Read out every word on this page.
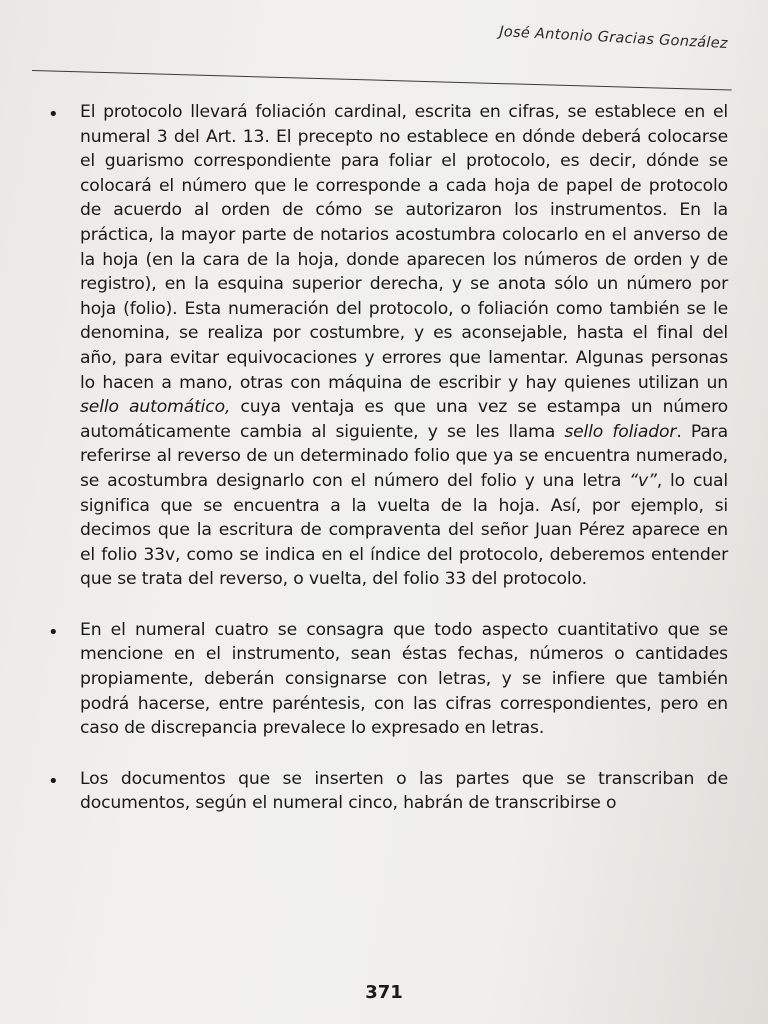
José Antonio Gracias González
•	El protocolo llevará foliación cardinal, escrita en cifras, se establece en el numeral 3 del Art. 13. El precepto no establece en dónde deberá colocarse el guarismo correspondiente para foliar el protocolo, es decir, dónde se colocará el número que le corresponde a cada hoja de papel de protocolo de acuerdo al orden de cómo se autorizaron los instrumentos. En la práctica, la mayor parte de notarios acostumbra colocarlo en el anverso de la hoja (en la cara de la hoja, donde aparecen los números de orden y de registro), en la esquina superior derecha, y se anota sólo un número por hoja (folio). Esta numeración del protocolo, o foliación como también se le denomina, se realiza por costumbre, y es aconsejable, hasta el final del año, para evitar equivocaciones y errores que lamentar. Algunas personas lo hacen a mano, otras con máquina de escribir y hay quienes utilizan un sello automático, cuya ventaja es que una vez se estampa un número automáticamente cambia al siguiente, y se les llama sello foliador. Para referirse al reverso de un determinado folio que ya se encuentra numerado, se acostumbra designarlo con el número del folio y una letra “v”, lo cual significa que se encuentra a la vuelta de la hoja. Así, por ejemplo, si decimos que la escritura de compraventa del señor Juan Pérez aparece en el folio 33v, como se indica en el índice del protocolo, deberemos entender que se trata del reverso, o vuelta, del folio 33 del protocolo.
•	En el numeral cuatro se consagra que todo aspecto cuantitativo que se mencione en el instrumento, sean éstas fechas, números o cantidades propiamente, deberán consignarse con letras, y se infiere que también podrá hacerse, entre paréntesis, con las cifras correspondientes, pero en caso de discrepancia prevalece lo expresado en letras.
•	Los documentos que se inserten o las partes que se transcriban de documentos, según el numeral cinco, habrán de transcribirse o
371
